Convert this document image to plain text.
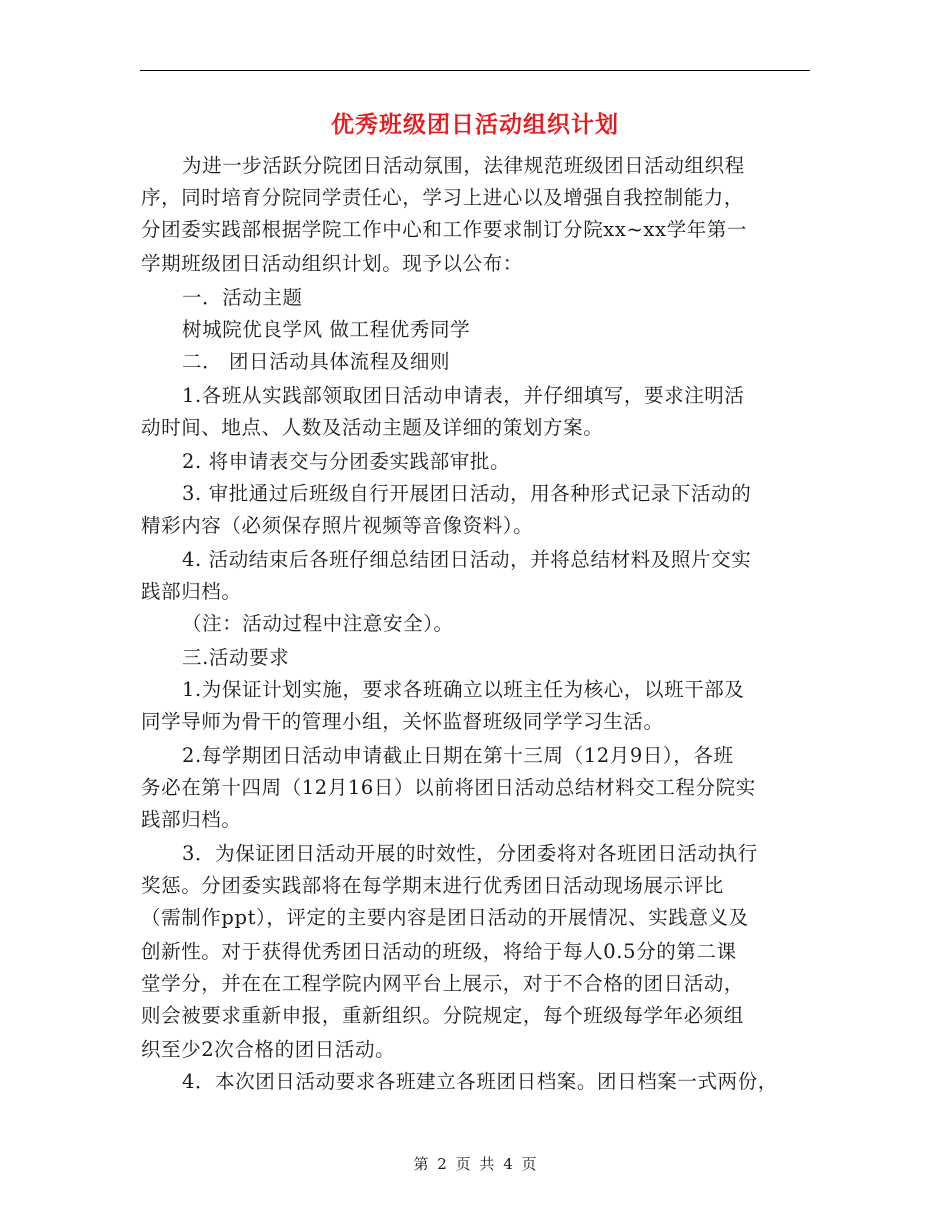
优秀班级团日活动组织计划
为进一步活跃分院团日活动氛围，法律规范班级团日活动组织程
序，同时培育分院同学责任心，学习上进心以及增强自我控制能力，
分团委实践部根据学院工作中心和工作要求制订分院xx~xx学年第一
学期班级团日活动组织计划。现予以公布：
一．活动主题
树城院优良学风 做工程优秀同学
二． 团日活动具体流程及细则
1.各班从实践部领取团日活动申请表，并仔细填写，要求注明活
动时间、地点、人数及活动主题及详细的策划方案。
2. 将申请表交与分团委实践部审批。
3. 审批通过后班级自行开展团日活动，用各种形式记录下活动的
精彩内容（必须保存照片视频等音像资料）。
4. 活动结束后各班仔细总结团日活动，并将总结材料及照片交实
践部归档。
（注：活动过程中注意安全）。
三.活动要求
1.为保证计划实施，要求各班确立以班主任为核心，以班干部及
同学导师为骨干的管理小组，关怀监督班级同学学习生活。
2.每学期团日活动申请截止日期在第十三周（12月9日），各班
务必在第十四周（12月16日）以前将团日活动总结材料交工程分院实
践部归档。
3．为保证团日活动开展的时效性，分团委将对各班团日活动执行
奖惩。分团委实践部将在每学期末进行优秀团日活动现场展示评比
（需制作ppt），评定的主要内容是团日活动的开展情况、实践意义及
创新性。对于获得优秀团日活动的班级，将给于每人0.5分的第二课
堂学分，并在在工程学院内网平台上展示，对于不合格的团日活动，
则会被要求重新申报，重新组织。分院规定，每个班级每学年必须组
织至少2次合格的团日活动。
4．本次团日活动要求各班建立各班团日档案。团日档案一式两份，
第 2 页 共 4 页
